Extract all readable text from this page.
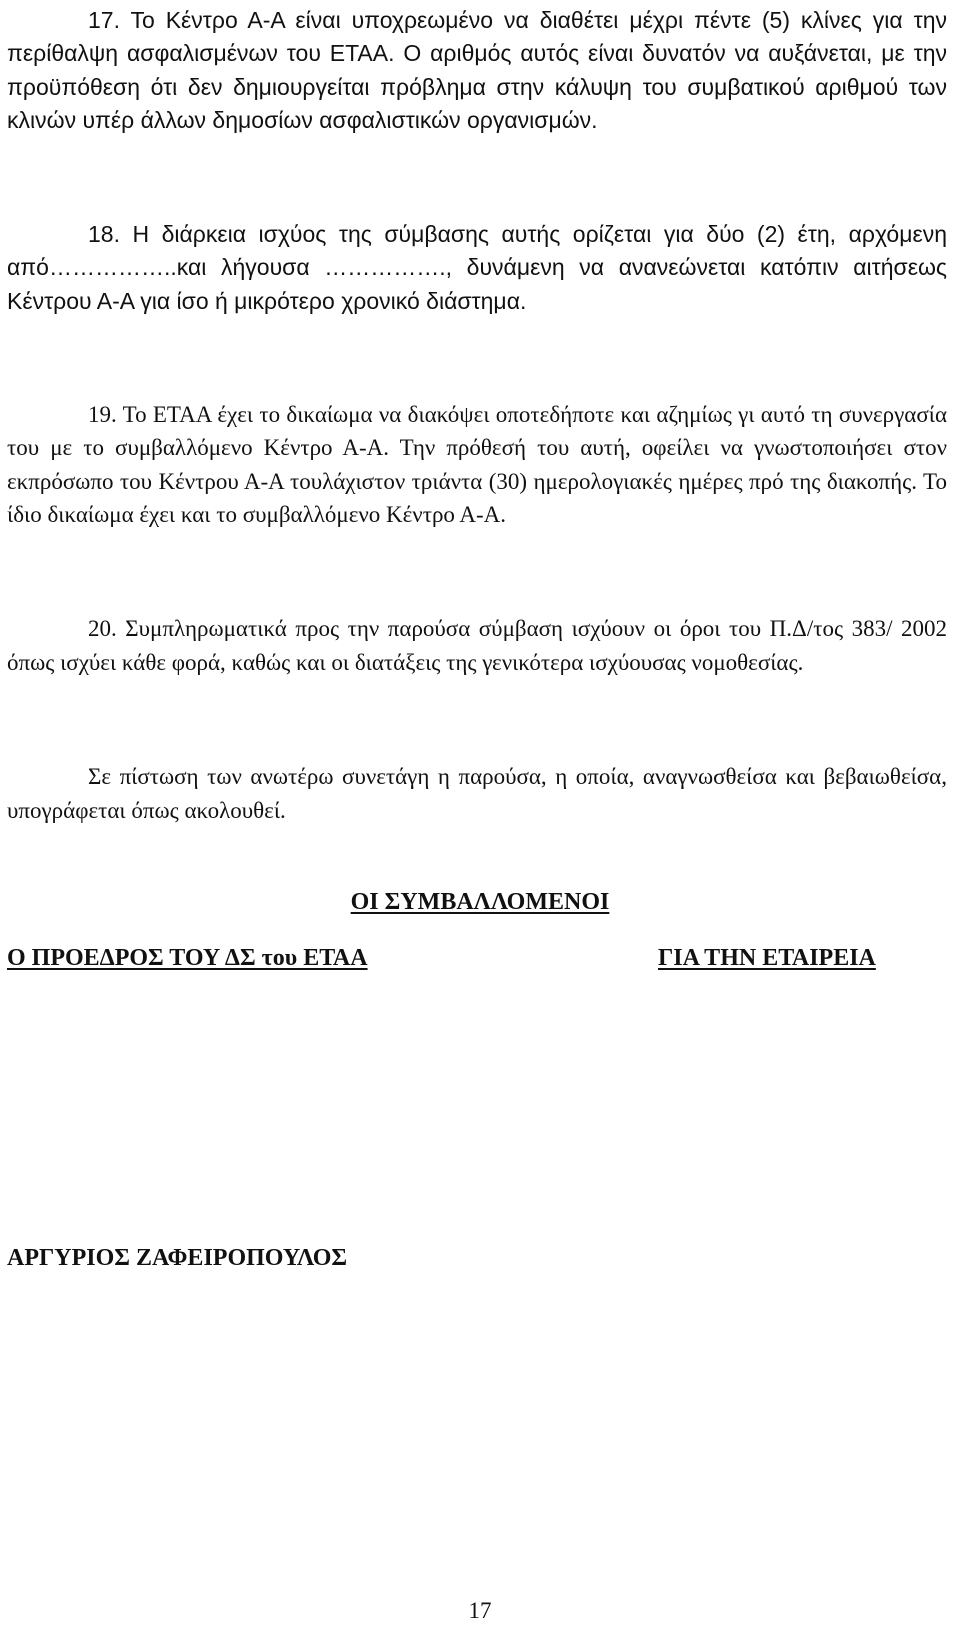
17. Το Κέντρο Α-Α είναι υποχρεωμένο να διαθέτει μέχρι πέντε (5) κλίνες για την περίθαλψη ασφαλισμένων του ΕΤΑΑ. Ο αριθμός αυτός είναι δυνατόν να αυξάνεται, με την προϋπόθεση ότι δεν δημιουργείται πρόβλημα στην κάλυψη του συμβατικού αριθμού των κλινών υπέρ άλλων δημοσίων ασφαλιστικών οργανισμών.

18. Η διάρκεια ισχύος της σύμβασης αυτής ορίζεται για δύο (2) έτη, αρχόμενη από……………..και λήγουσα ……………., δυνάμενη να ανανεώνεται κατόπιν αιτήσεως Κέντρου Α-Α για ίσο ή μικρότερο χρονικό διάστημα.

19. Το ΕΤΑΑ έχει το δικαίωμα να διακόψει οποτεδήποτε και αζημίως γι αυτό τη συνεργασία του με το συμβαλλόμενο Κέντρο Α-Α. Την πρόθεσή του αυτή, οφείλει να γνωστοποιήσει στον εκπρόσωπο του Κέντρου Α-Α τουλάχιστον τριάντα (30) ημερολογιακές ημέρες πρό της διακοπής. Το ίδιο δικαίωμα έχει και το συμβαλλόμενο Κέντρο Α-Α.

20. Συμπληρωματικά προς την παρούσα σύμβαση ισχύουν οι όροι του Π.Δ/τος 383/ 2002 όπως ισχύει κάθε φορά, καθώς και οι διατάξεις της γενικότερα ισχύουσας νομοθεσίας.

Σε πίστωση των ανωτέρω συνετάγη η παρούσα, η οποία, αναγνωσθείσα και βεβαιωθείσα, υπογράφεται όπως ακολουθεί.

ΟΙ ΣΥΜΒΑΛΛΟΜΕΝΟΙ

Ο ΠΡΟΕΔΡΟΣ ΤΟΥ ΔΣ του ΕΤΑΑ	ΓΙΑ ΤΗΝ ΕΤΑΙΡΕΙΑ

ΑΡΓΥΡΙΟΣ ΖΑΦΕΙΡΟΠΟΥΛΟΣ

17
